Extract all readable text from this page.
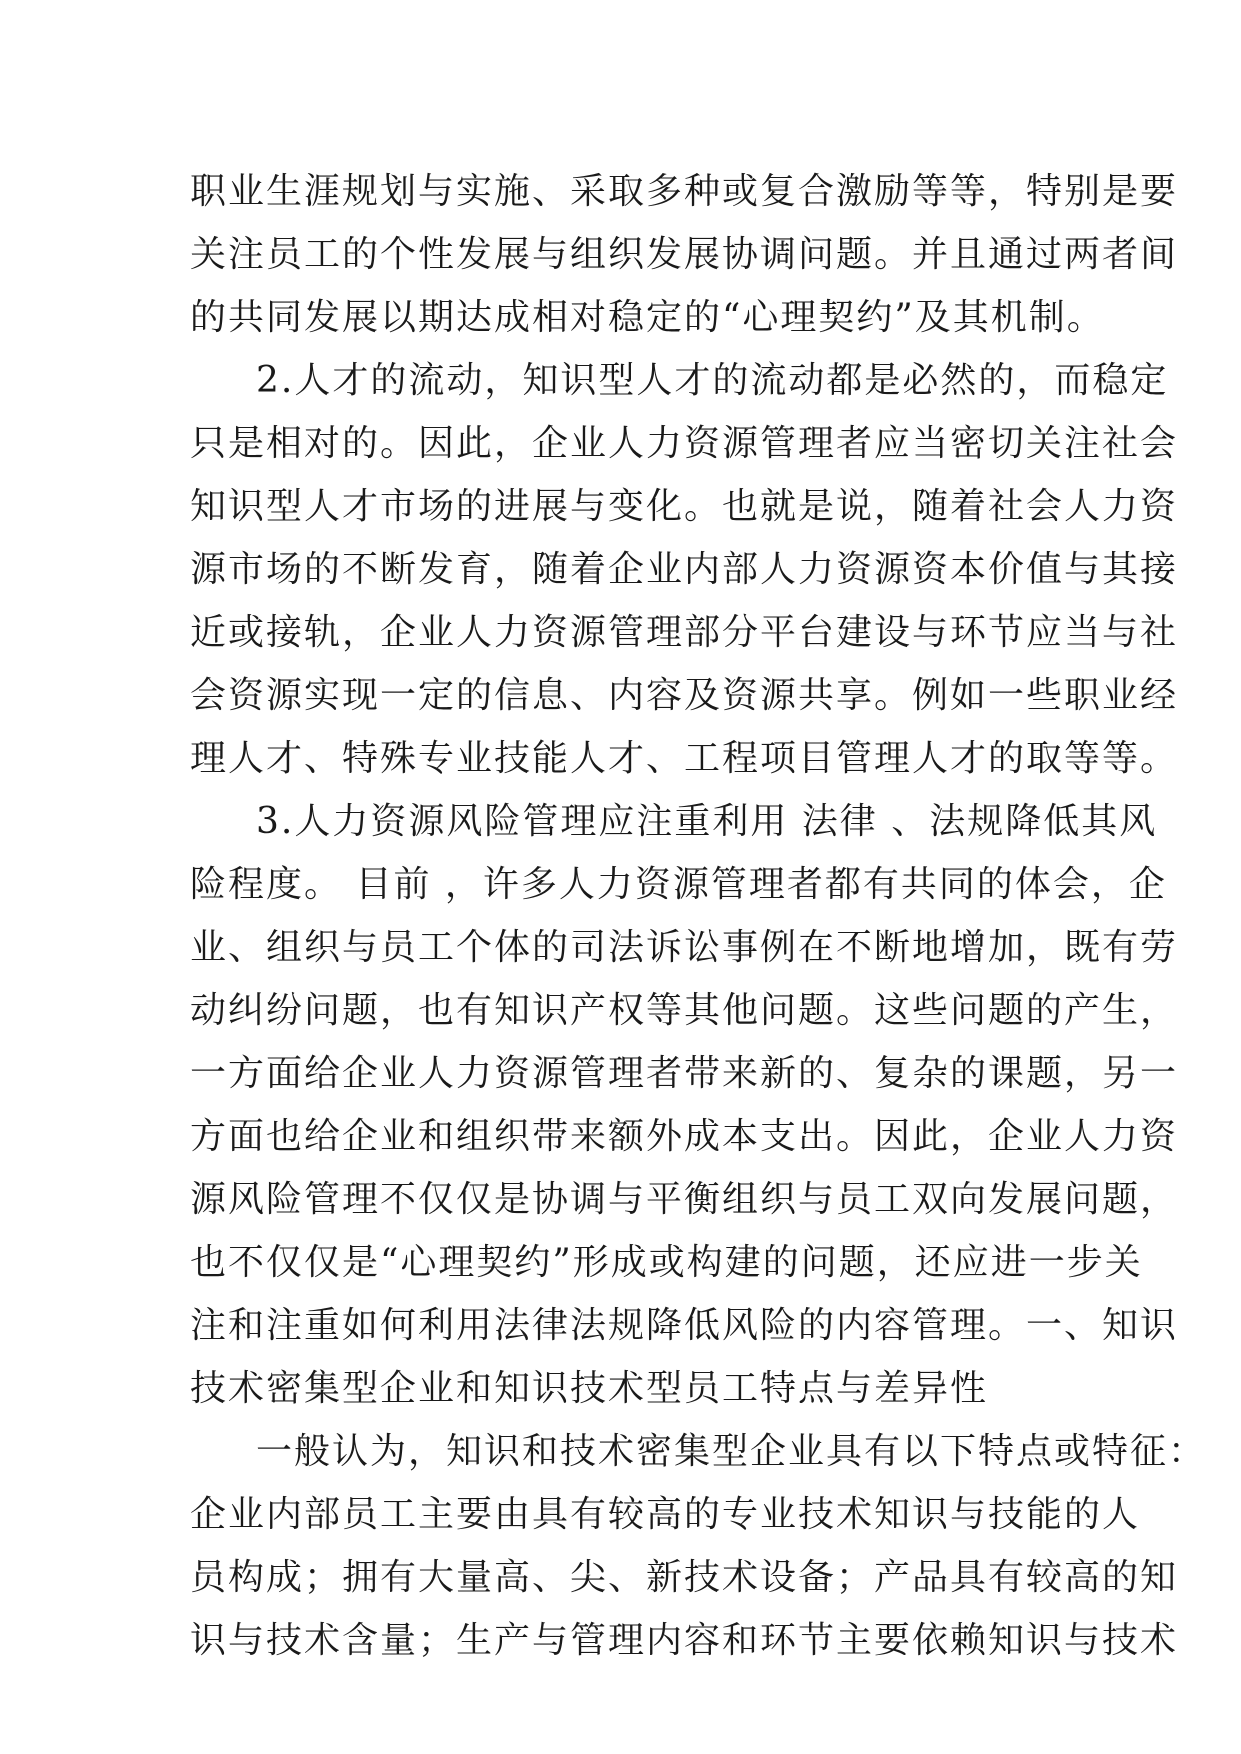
职业生涯规划与实施、采取多种或复合激励等等，特别是要
关注员工的个性发展与组织发展协调问题。并且通过两者间
的共同发展以期达成相对稳定的“心理契约”及其机制。
2.人才的流动，知识型人才的流动都是必然的，而稳定
只是相对的。因此，企业人力资源管理者应当密切关注社会
知识型人才市场的进展与变化。也就是说，随着社会人力资
源市场的不断发育，随着企业内部人力资源资本价值与其接
近或接轨，企业人力资源管理部分平台建设与环节应当与社
会资源实现一定的信息、内容及资源共享。例如一些职业经
理人才、特殊专业技能人才、工程项目管理人才的取等等。
3.人力资源风险管理应注重利用 法律 、法规降低其风
险程度。 目前 ，许多人力资源管理者都有共同的体会，企
业、组织与员工个体的司法诉讼事例在不断地增加，既有劳
动纠纷问题，也有知识产权等其他问题。这些问题的产生，
一方面给企业人力资源管理者带来新的、复杂的课题，另一
方面也给企业和组织带来额外成本支出。因此，企业人力资
源风险管理不仅仅是协调与平衡组织与员工双向发展问题，
也不仅仅是“心理契约”形成或构建的问题，还应进一步关
注和注重如何利用法律法规降低风险的内容管理。一、知识
技术密集型企业和知识技术型员工特点与差异性
一般认为，知识和技术密集型企业具有以下特点或特征：
企业内部员工主要由具有较高的专业技术知识与技能的人
员构成；拥有大量高、尖、新技术设备；产品具有较高的知
识与技术含量；生产与管理内容和环节主要依赖知识与技术
